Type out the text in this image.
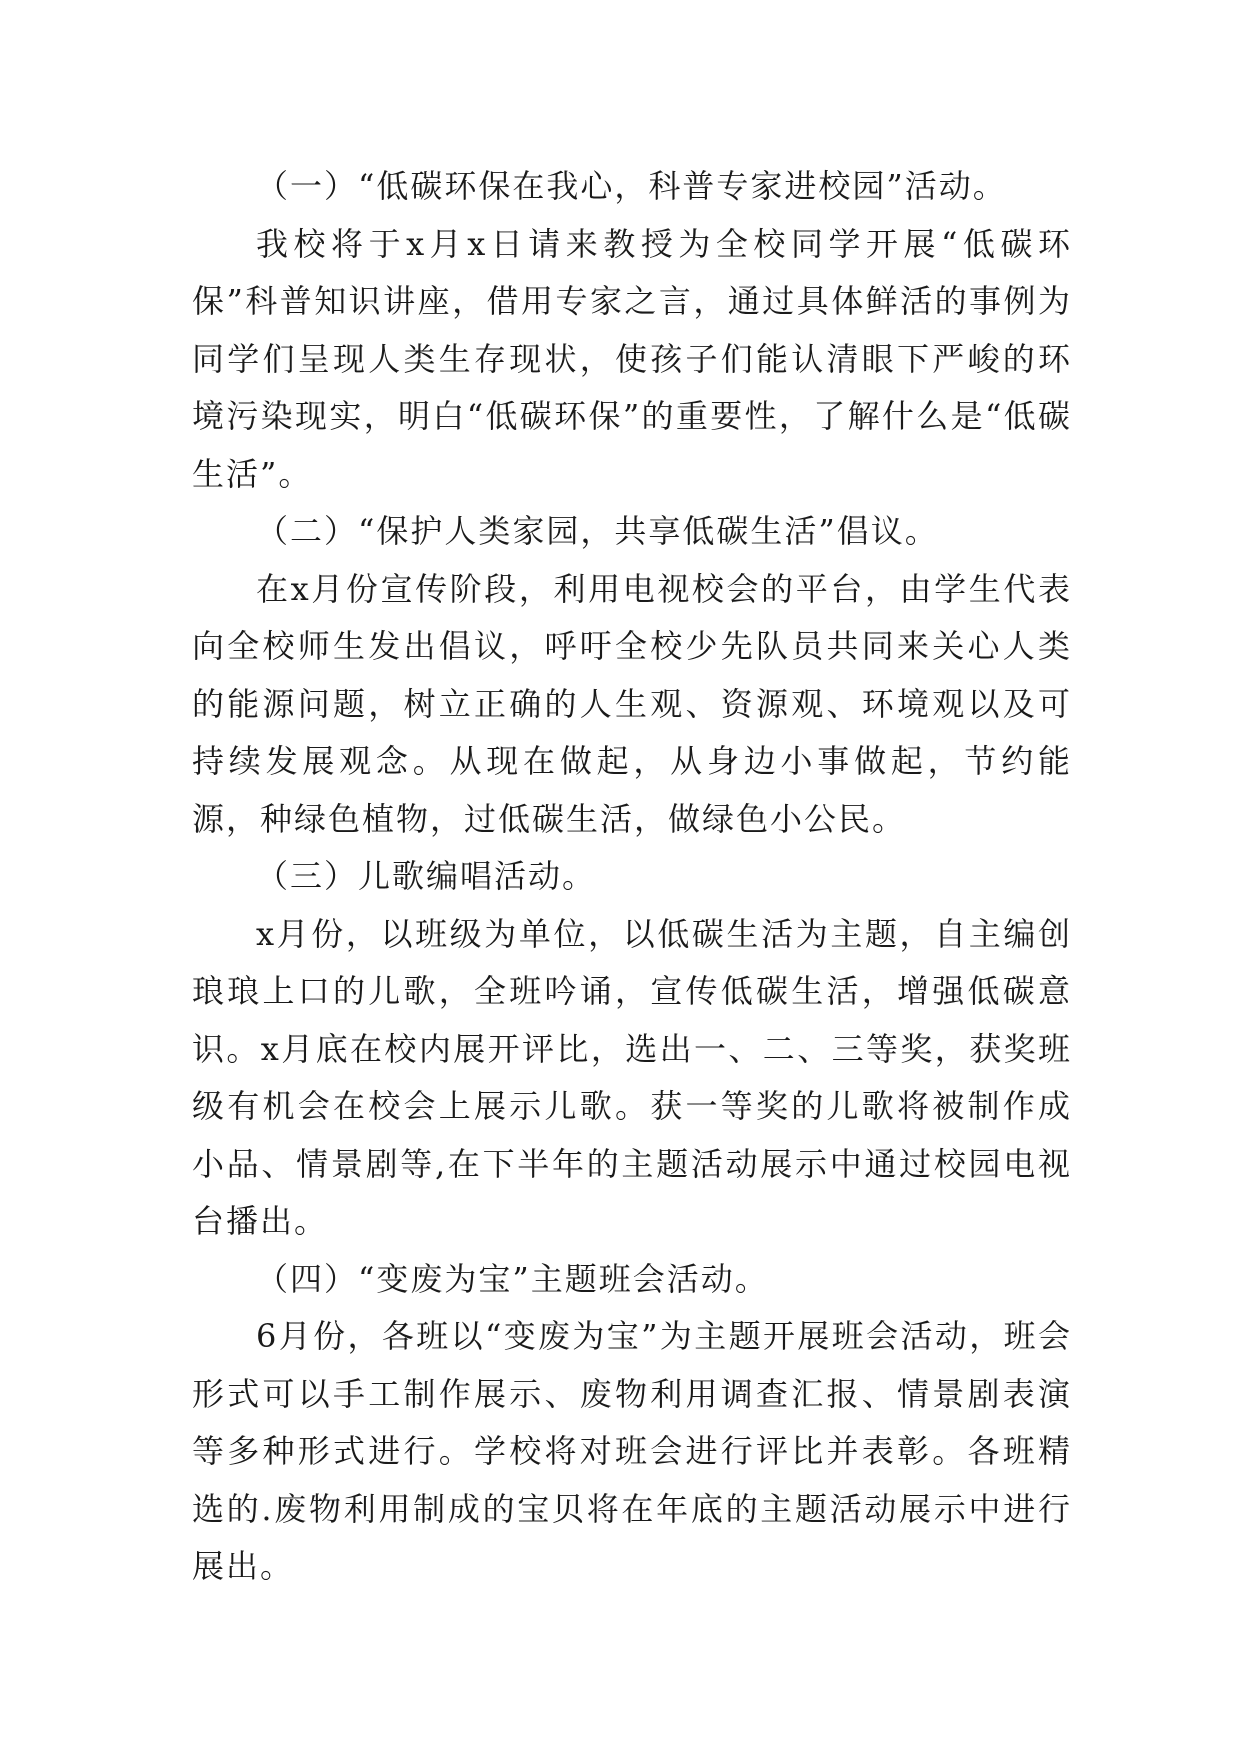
（一）“低碳环保在我心，科普专家进校园”活动。

我校将于x月x日请来教授为全校同学开展“低碳环保”科普知识讲座，借用专家之言，通过具体鲜活的事例为同学们呈现人类生存现状，使孩子们能认清眼下严峻的环境污染现实，明白“低碳环保”的重要性，了解什么是“低碳生活”。

（二）“保护人类家园，共享低碳生活”倡议。

在x月份宣传阶段，利用电视校会的平台，由学生代表向全校师生发出倡议，呼吁全校少先队员共同来关心人类的能源问题，树立正确的人生观、资源观、环境观以及可持续发展观念。从现在做起，从身边小事做起，节约能源，种绿色植物，过低碳生活，做绿色小公民。

（三）儿歌编唱活动。

x月份，以班级为单位，以低碳生活为主题，自主编创琅琅上口的儿歌，全班吟诵，宣传低碳生活，增强低碳意识。x月底在校内展开评比，选出一、二、三等奖，获奖班级有机会在校会上展示儿歌。获一等奖的儿歌将被制作成小品、情景剧等,在下半年的主题活动展示中通过校园电视台播出。

（四）“变废为宝”主题班会活动。

6月份，各班以“变废为宝”为主题开展班会活动，班会形式可以手工制作展示、废物利用调查汇报、情景剧表演等多种形式进行。学校将对班会进行评比并表彰。各班精选的.废物利用制成的宝贝将在年底的主题活动展示中进行展出。
